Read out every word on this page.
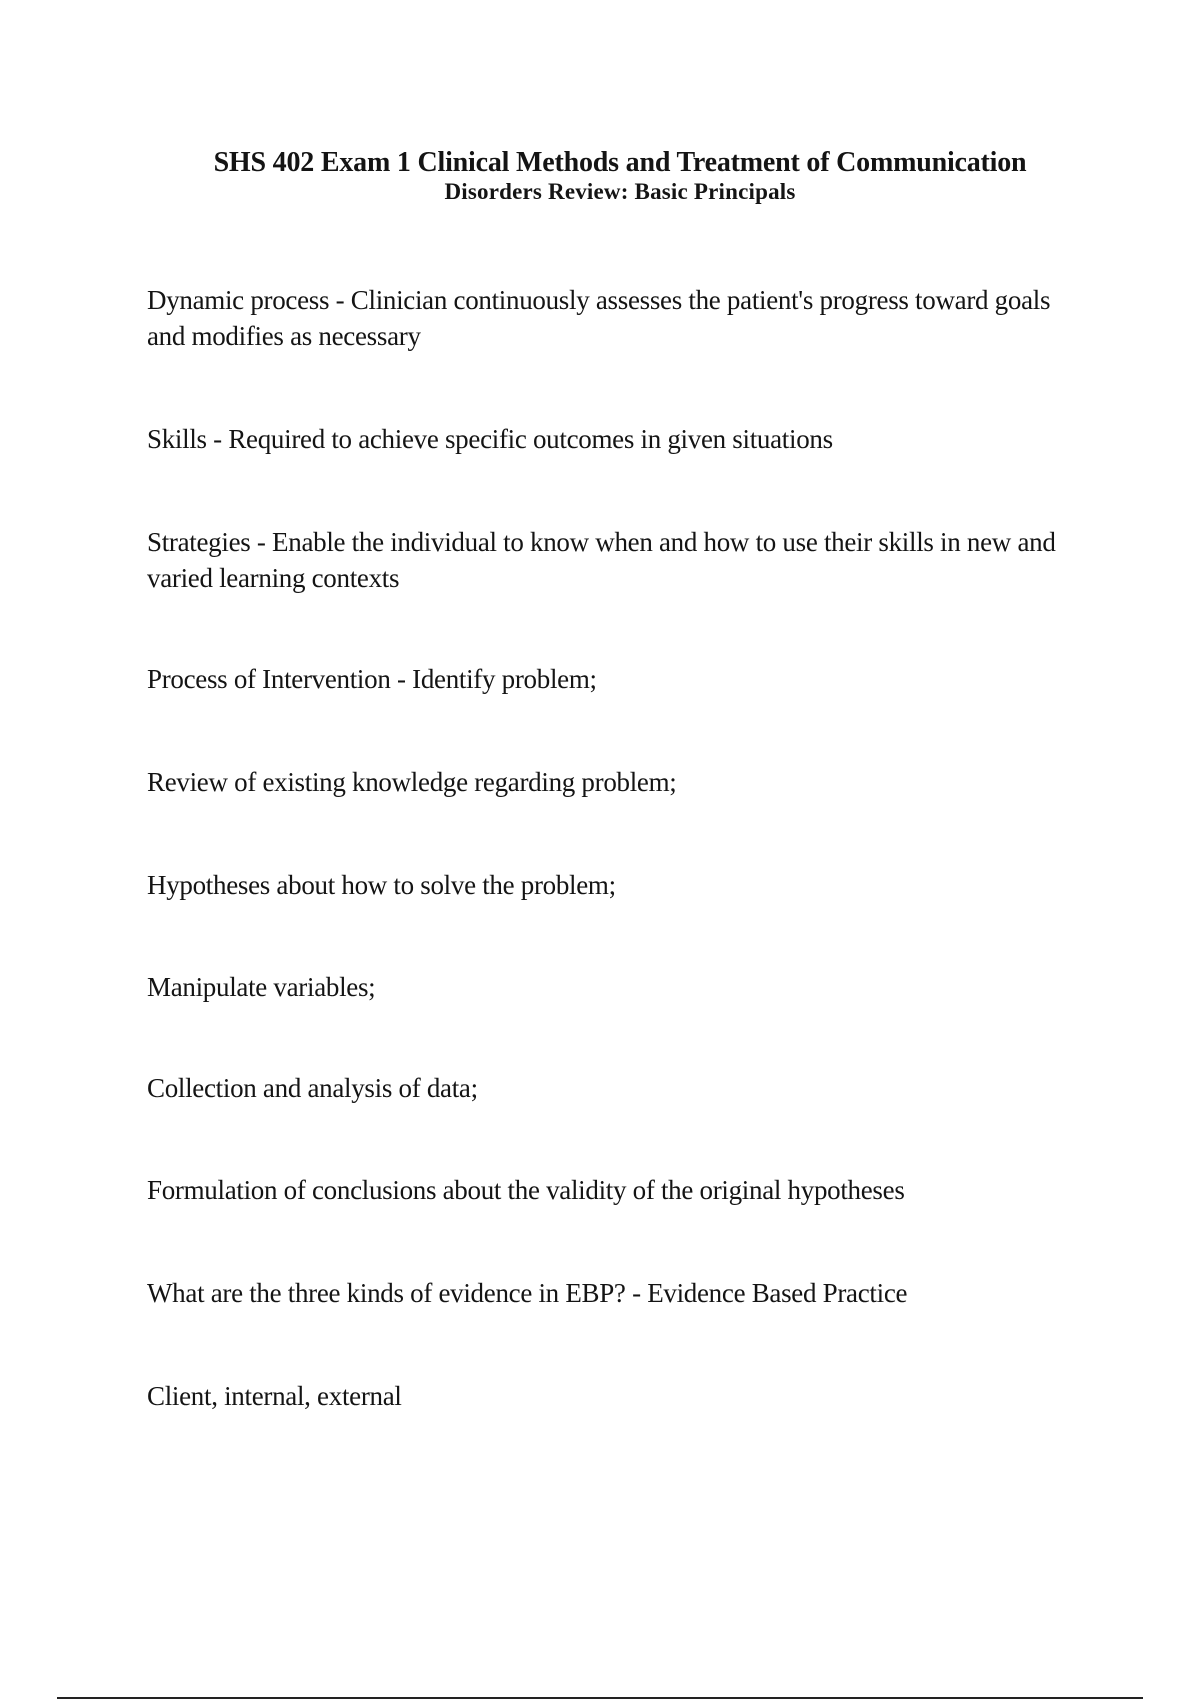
SHS 402 Exam 1 Clinical Methods and Treatment of Communication
Disorders Review: Basic Principals
Dynamic process - Clinician continuously assesses the patient's progress toward goals and modifies as necessary
Skills - Required to achieve specific outcomes in given situations
Strategies - Enable the individual to know when and how to use their skills in new and varied learning contexts
Process of Intervention - Identify problem;
Review of existing knowledge regarding problem;
Hypotheses about how to solve the problem;
Manipulate variables;
Collection and analysis of data;
Formulation of conclusions about the validity of the original hypotheses
What are the three kinds of evidence in EBP? - Evidence Based Practice
Client, internal, external
